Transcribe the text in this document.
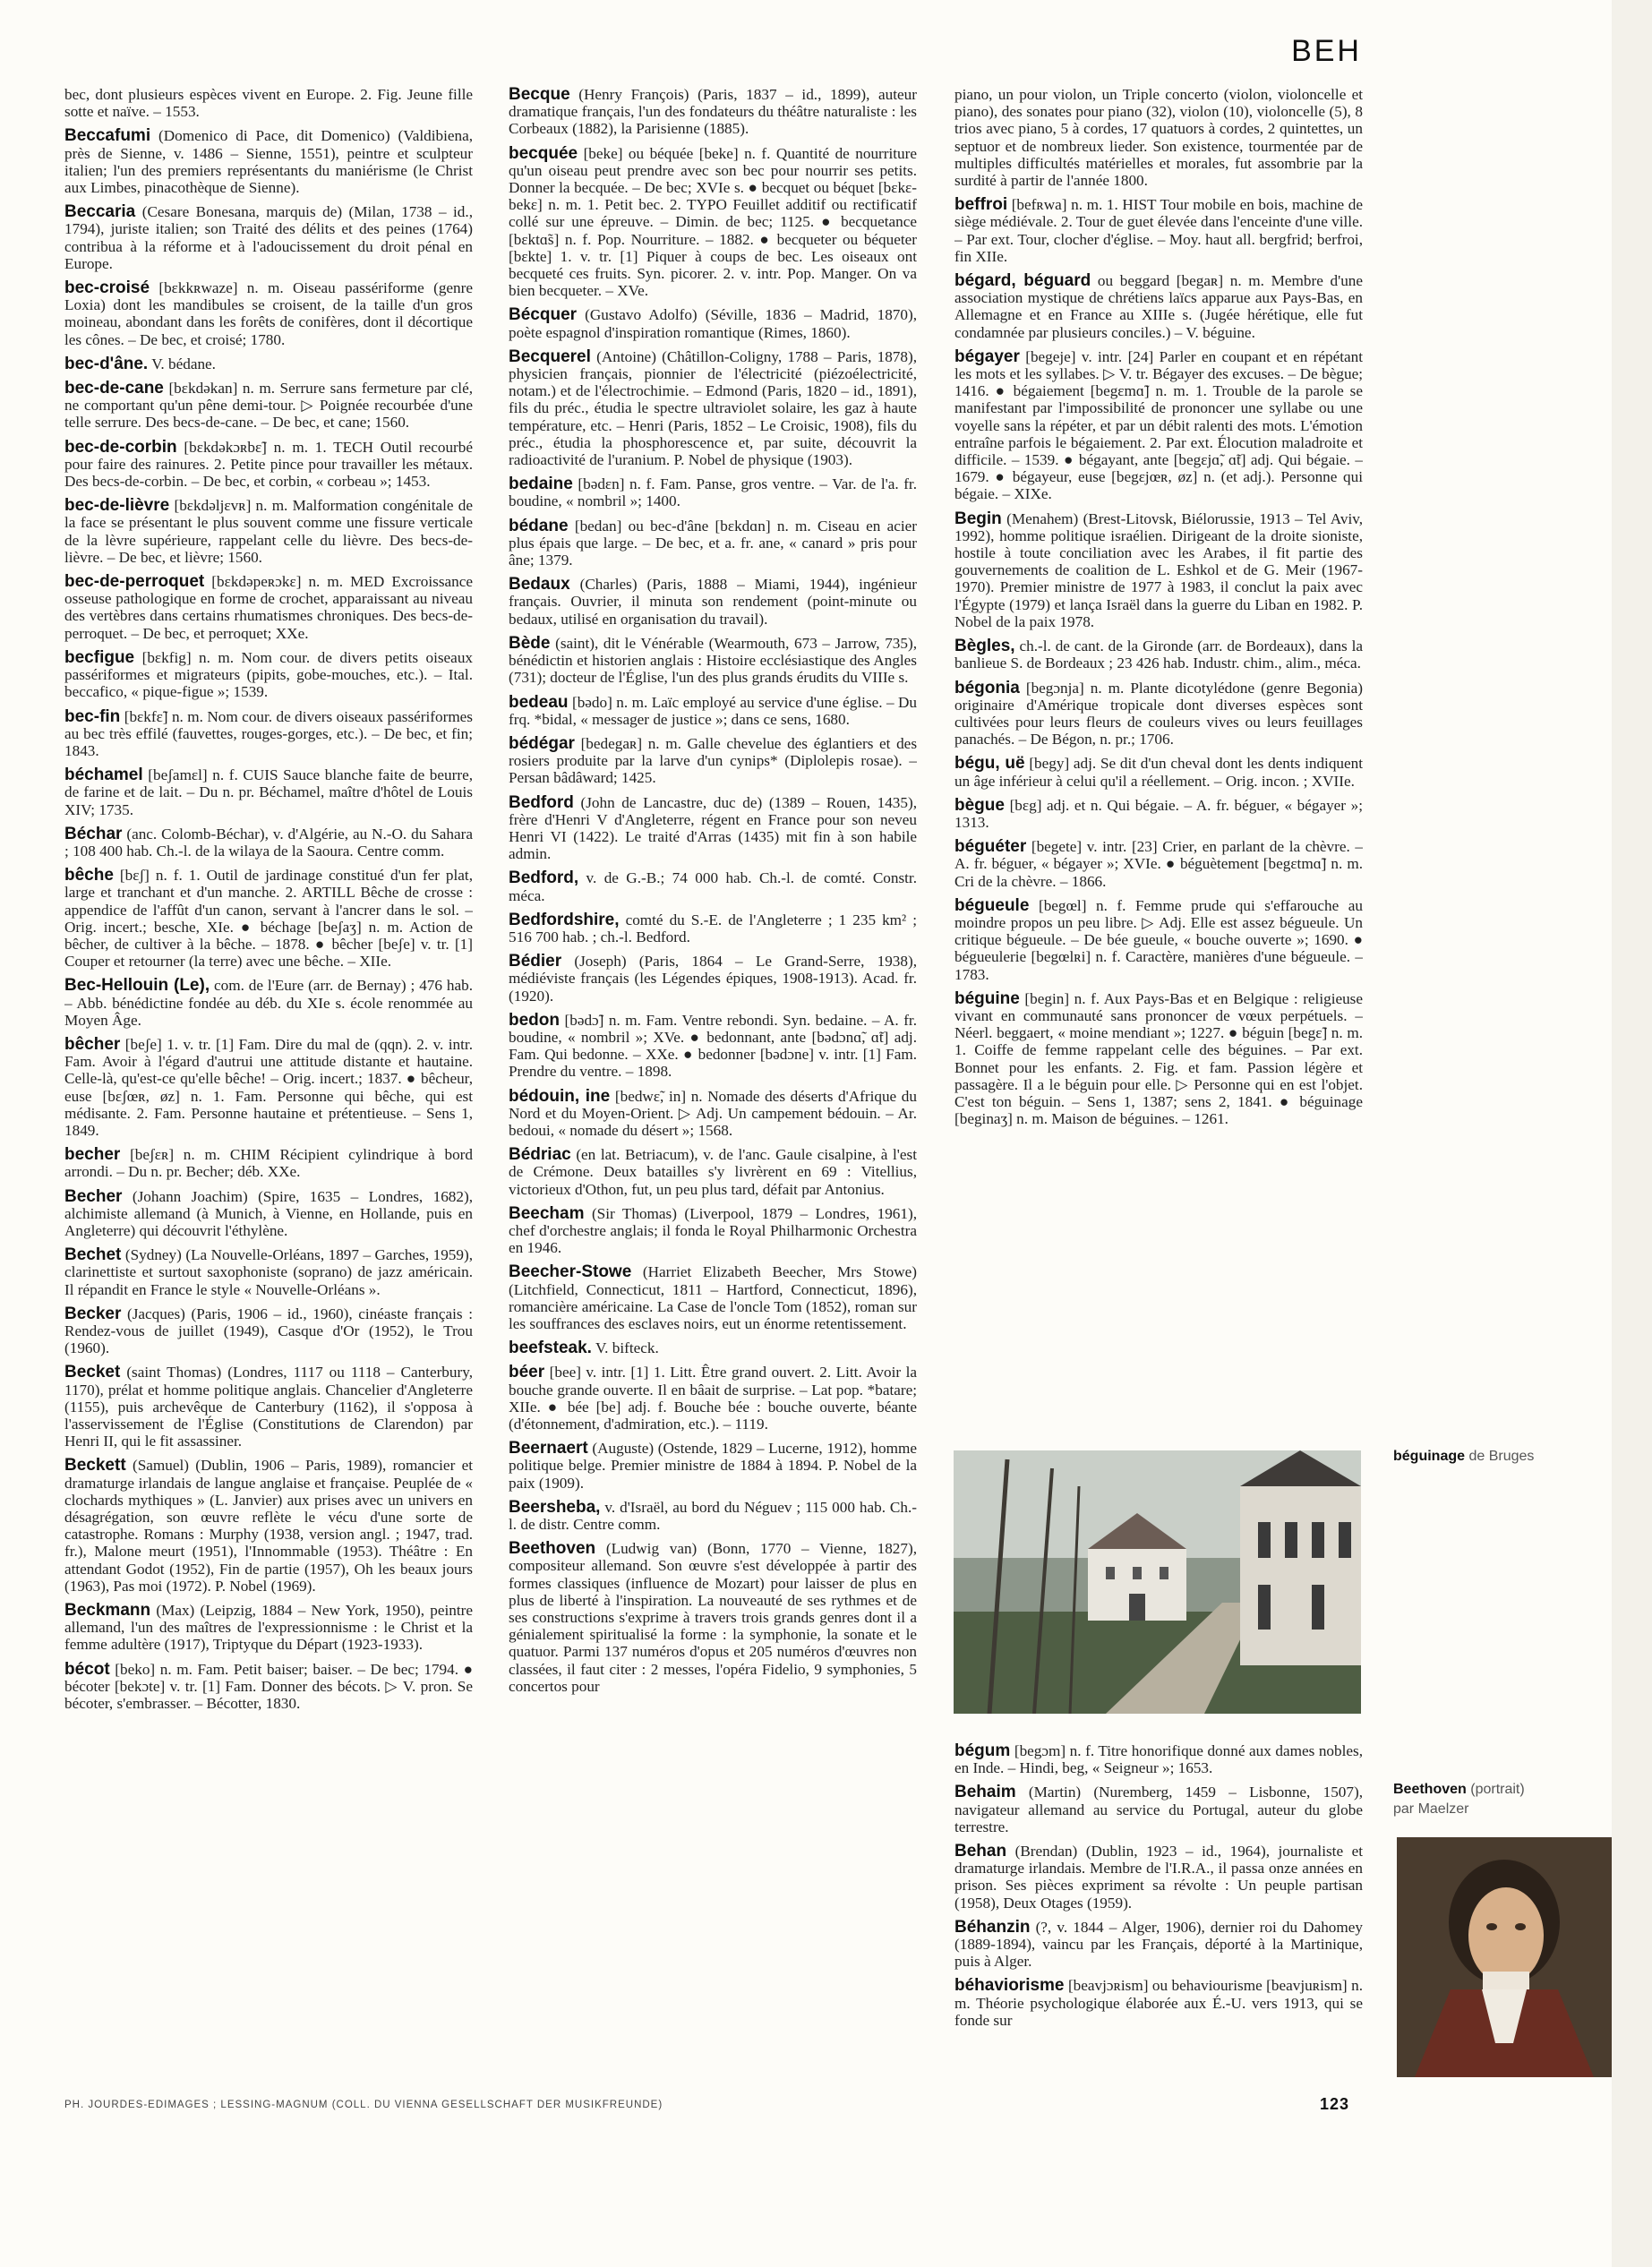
BEH

bec, dont plusieurs espèces vivent en Europe. 2. Fig. Jeune fille sotte et naïve. – 1553.

Beccafumi (Domenico di Pace, dit Domenico) (Valdibiena, près de Sienne, v. 1486 – Sienne, 1551), peintre et sculpteur italien; l'un des premiers représentants du maniérisme (le Christ aux Limbes, pinacothèque de Sienne).

Beccaria (Cesare Bonesana, marquis de) (Milan, 1738 – id., 1794), juriste italien; son Traité des délits et des peines (1764) contribua à la réforme et à l'adoucissement du droit pénal en Europe.

bec-croisé [bɛkkʀwaze] n. m. Oiseau passériforme (genre Loxia) dont les mandibules se croisent, de la taille d'un gros moineau, abondant dans les forêts de conifères, dont il décortique les cônes. – De bec, et croisé; 1780.

bec-d'âne. V. bédane.

bec-de-cane [bɛkdəkan] n. m. Serrure sans fermeture par clé, ne comportant qu'un pêne demi-tour. ▷ Poignée recourbée d'une telle serrure. Des becs-de-cane. – De bec, et cane; 1560.

bec-de-corbin [bɛkdəkɔʀbɛ̃] n. m. 1. TECH Outil recourbé pour faire des rainures. 2. Petite pince pour travailler les métaux. Des becs-de-corbin. – De bec, et corbin, « corbeau »; 1453.

bec-de-lièvre [bɛkdəljɛvʀ] n. m. Malformation congénitale de la face se présentant le plus souvent comme une fissure verticale de la lèvre supérieure, rappelant celle du lièvre. Des becs-de-lièvre. – De bec, et lièvre; 1560.

bec-de-perroquet [bɛkdəpeʀɔkɛ] n. m. MED Excroissance osseuse pathologique en forme de crochet, apparaissant au niveau des vertèbres dans certains rhumatismes chroniques. Des becs-de-perroquet. – De bec, et perroquet; XXe.

becfigue [bɛkfig] n. m. Nom cour. de divers petits oiseaux passériformes et migrateurs (pipits, gobe-mouches, etc.). – Ital. beccafico, « pique-figue »; 1539.

bec-fin [bɛkfɛ̃] n. m. Nom cour. de divers oiseaux passériformes au bec très effilé (fauvettes, rouges-gorges, etc.). – De bec, et fin; 1843.

béchamel [beʃamɛl] n. f. CUIS Sauce blanche faite de beurre, de farine et de lait. – Du n. pr. Béchamel, maître d'hôtel de Louis XIV; 1735.

Béchar (anc. Colomb-Béchar), v. d'Algérie, au N.-O. du Sahara ; 108 400 hab. Ch.-l. de la wilaya de la Saoura. Centre comm.

bêche [bɛʃ] n. f. 1. Outil de jardinage constitué d'un fer plat, large et tranchant et d'un manche. 2. ARTILL Bêche de crosse : appendice de l'affût d'un canon, servant à l'ancrer dans le sol. – Orig. incert.; besche, XIe. ● béchage [beʃaʒ] n. m. Action de bêcher, de cultiver à la bêche. – 1878. ● bêcher [beʃe] v. tr. [1] Couper et retourner (la terre) avec une bêche. – XIIe.

Bec-Hellouin (Le), com. de l'Eure (arr. de Bernay) ; 476 hab. – Abb. bénédictine fondée au déb. du XIe s. école renommée au Moyen Âge.

bêcher [beʃe] 1. v. tr. [1] Fam. Dire du mal de (qqn). 2. v. intr. Fam. Avoir à l'égard d'autrui une attitude distante et hautaine. Celle-là, qu'est-ce qu'elle bêche! – Orig. incert.; 1837. ● bêcheur, euse [bɛʃœʀ, øz] n. 1. Fam. Personne qui bêche, qui est médisante. 2. Fam. Personne hautaine et prétentieuse. – Sens 1, 1849.

becher [beʃɛʀ] n. m. CHIM Récipient cylindrique à bord arrondi. – Du n. pr. Becher; déb. XXe.

Becher (Johann Joachim) (Spire, 1635 – Londres, 1682), alchimiste allemand (à Munich, à Vienne, en Hollande, puis en Angleterre) qui découvrit l'éthylène.

Bechet (Sydney) (La Nouvelle-Orléans, 1897 – Garches, 1959), clarinettiste et surtout saxophoniste (soprano) de jazz américain. Il répandit en France le style « Nouvelle-Orléans ».

Becker (Jacques) (Paris, 1906 – id., 1960), cinéaste français : Rendez-vous de juillet (1949), Casque d'Or (1952), le Trou (1960).

Becket (saint Thomas) (Londres, 1117 ou 1118 – Canterbury, 1170), prélat et homme politique anglais. Chancelier d'Angleterre (1155), puis archevêque de Canterbury (1162), il s'opposa à l'asservissement de l'Église (Constitutions de Clarendon) par Henri II, qui le fit assassiner.

Beckett (Samuel) (Dublin, 1906 – Paris, 1989), romancier et dramaturge irlandais de langue anglaise et française. Peuplée de « clochards mythiques » (L. Janvier) aux prises avec un univers en désagrégation, son œuvre reflète le vécu d'une sorte de catastrophe. Romans : Murphy (1938, version angl. ; 1947, trad. fr.), Malone meurt (1951), l'Innommable (1953). Théâtre : En attendant Godot (1952), Fin de partie (1957), Oh les beaux jours (1963), Pas moi (1972). P. Nobel (1969).

Beckmann (Max) (Leipzig, 1884 – New York, 1950), peintre allemand, l'un des maîtres de l'expressionnisme : le Christ et la femme adultère (1917), Triptyque du Départ (1923-1933).

bécot [beko] n. m. Fam. Petit baiser; baiser. – De bec; 1794. ● bécoter [bekɔte] v. tr. [1] Fam. Donner des bécots. ▷ V. pron. Se bécoter, s'embrasser. – Bécotter, 1830.

Becque (Henry François) (Paris, 1837 – id., 1899), auteur dramatique français, l'un des fondateurs du théâtre naturaliste : les Corbeaux (1882), la Parisienne (1885).

becquée [beke] ou béquée [beke] n. f. Quantité de nourriture qu'un oiseau peut prendre avec son bec pour nourrir ses petits. Donner la becquée. – De bec; XVIe s. ● becquet ou béquet [bɛkɛ-bekɛ] n. m. 1. Petit bec. 2. TYPO Feuillet additif ou rectificatif collé sur une épreuve. – Dimin. de bec; 1125. ● becquetance [bɛktɑ̃s] n. f. Pop. Nourriture. – 1882. ● becqueter ou béqueter [bɛkte] 1. v. tr. [1] Piquer à coups de bec. Les oiseaux ont becqueté ces fruits. Syn. picorer. 2. v. intr. Pop. Manger. On va bien becqueter. – XVe.

Bécquer (Gustavo Adolfo) (Séville, 1836 – Madrid, 1870), poète espagnol d'inspiration romantique (Rimes, 1860).

Becquerel (Antoine) (Châtillon-Coligny, 1788 – Paris, 1878), physicien français, pionnier de l'électricité (piézoélectricité, notam.) et de l'électrochimie. – Edmond (Paris, 1820 – id., 1891), fils du préc., étudia le spectre ultraviolet solaire, les gaz à haute température, etc. – Henri (Paris, 1852 – Le Croisic, 1908), fils du préc., étudia la phosphorescence et, par suite, découvrit la radioactivité de l'uranium. P. Nobel de physique (1903).

bedaine [bədɛn] n. f. Fam. Panse, gros ventre. – Var. de l'a. fr. boudine, « nombril »; 1400.

bédane [bedan] ou bec-d'âne [bɛkdɑn] n. m. Ciseau en acier plus épais que large. – De bec, et a. fr. ane, « canard » pris pour âne; 1379.

Bedaux (Charles) (Paris, 1888 – Miami, 1944), ingénieur français. Ouvrier, il minuta son rendement (point-minute ou bedaux, utilisé en organisation du travail).

Bède (saint), dit le Vénérable (Wearmouth, 673 – Jarrow, 735), bénédictin et historien anglais : Histoire ecclésiastique des Angles (731); docteur de l'Église, l'un des plus grands érudits du VIIIe s.

bedeau [bədo] n. m. Laïc employé au service d'une église. – Du frq. *bidal, « messager de justice »; dans ce sens, 1680.

bédégar [bedegaʀ] n. m. Galle chevelue des églantiers et des rosiers produite par la larve d'un cynips* (Diplolepis rosae). – Persan bâdâward; 1425.

Bedford (John de Lancastre, duc de) (1389 – Rouen, 1435), frère d'Henri V d'Angleterre, régent en France pour son neveu Henri VI (1422). Le traité d'Arras (1435) mit fin à son habile admin.

Bedford, v. de G.-B.; 74 000 hab. Ch.-l. de comté. Constr. méca.

Bedfordshire, comté du S.-E. de l'Angleterre ; 1 235 km² ; 516 700 hab. ; ch.-l. Bedford.

Bédier (Joseph) (Paris, 1864 – Le Grand-Serre, 1938), médiéviste français (les Légendes épiques, 1908-1913). Acad. fr. (1920).

bedon [bədɔ̃] n. m. Fam. Ventre rebondi. Syn. bedaine. – A. fr. boudine, « nombril »; XVe. ● bedonnant, ante [bədɔnɑ̃, ɑ̃t] adj. Fam. Qui bedonne. – XXe. ● bedonner [bədɔne] v. intr. [1] Fam. Prendre du ventre. – 1898.

bédouin, ine [bedwɛ̃, in] n. Nomade des déserts d'Afrique du Nord et du Moyen-Orient. ▷ Adj. Un campement bédouin. – Ar. bedoui, « nomade du désert »; 1568.

Bédriac (en lat. Betriacum), v. de l'anc. Gaule cisalpine, à l'est de Crémone. Deux batailles s'y livrèrent en 69 : Vitellius, victorieux d'Othon, fut, un peu plus tard, défait par Antonius.

Beecham (Sir Thomas) (Liverpool, 1879 – Londres, 1961), chef d'orchestre anglais; il fonda le Royal Philharmonic Orchestra en 1946.

Beecher-Stowe (Harriet Elizabeth Beecher, Mrs Stowe) (Litchfield, Connecticut, 1811 – Hartford, Connecticut, 1896), romancière américaine. La Case de l'oncle Tom (1852), roman sur les souffrances des esclaves noirs, eut un énorme retentissement.

beefsteak. V. bifteck.

béer [bee] v. intr. [1] 1. Litt. Être grand ouvert. 2. Litt. Avoir la bouche grande ouverte. Il en bâait de surprise. – Lat pop. *batare; XIIe. ● bée [be] adj. f. Bouche bée : bouche ouverte, béante (d'étonnement, d'admiration, etc.). – 1119.

Beernaert (Auguste) (Ostende, 1829 – Lucerne, 1912), homme politique belge. Premier ministre de 1884 à 1894. P. Nobel de la paix (1909).

Beersheba, v. d'Israël, au bord du Néguev ; 115 000 hab. Ch.-l. de distr. Centre comm.

Beethoven (Ludwig van) (Bonn, 1770 – Vienne, 1827), compositeur allemand. Son œuvre s'est développée à partir des formes classiques (influence de Mozart) pour laisser de plus en plus de liberté à l'inspiration. La nouveauté de ses rythmes et de ses constructions s'exprime à travers trois grands genres dont il a génialement spiritualisé la forme : la symphonie, la sonate et le quatuor. Parmi 137 numéros d'opus et 205 numéros d'œuvres non classées, il faut citer : 2 messes, l'opéra Fidelio, 9 symphonies, 5 concertos pour

piano, un pour violon, un Triple concerto (violon, violoncelle et piano), des sonates pour piano (32), violon (10), violoncelle (5), 8 trios avec piano, 5 à cordes, 17 quatuors à cordes, 2 quintettes, un septuor et de nombreux lieder. Son existence, tourmentée par de multiples difficultés matérielles et morales, fut assombrie par la surdité à partir de l'année 1800.

beffroi [befʀwa] n. m. 1. HIST Tour mobile en bois, machine de siège médiévale. 2. Tour de guet élevée dans l'enceinte d'une ville. – Par ext. Tour, clocher d'église. – Moy. haut all. bergfrid; berfroi, fin XIIe.

bégard, béguard ou beggard [begaʀ] n. m. Membre d'une association mystique de chrétiens laïcs apparue aux Pays-Bas, en Allemagne et en France au XIIIe s. (Jugée hérétique, elle fut condamnée par plusieurs conciles.) – V. béguine.

bégayer [begeje] v. intr. [24] Parler en coupant et en répétant les mots et les syllabes. ▷ V. tr. Bégayer des excuses. – De bègue; 1416. ● bégaiement [begɛmɑ̃] n. m. 1. Trouble de la parole se manifestant par l'impossibilité de prononcer une syllabe ou une voyelle sans la répéter, et par un débit ralenti des mots. L'émotion entraîne parfois le bégaiement. 2. Par ext. Élocution maladroite et difficile. – 1539. ● bégayant, ante [begɛjɑ̃, ɑ̃t] adj. Qui bégaie. – 1679. ● bégayeur, euse [begɛjœʀ, øz] n. (et adj.). Personne qui bégaie. – XIXe.

Begin (Menahem) (Brest-Litovsk, Biélorussie, 1913 – Tel Aviv, 1992), homme politique israélien. Dirigeant de la droite sioniste, hostile à toute conciliation avec les Arabes, il fit partie des gouvernements de coalition de L. Eshkol et de G. Meir (1967-1970). Premier ministre de 1977 à 1983, il conclut la paix avec l'Égypte (1979) et lança Israël dans la guerre du Liban en 1982. P. Nobel de la paix 1978.

Bègles, ch.-l. de cant. de la Gironde (arr. de Bordeaux), dans la banlieue S. de Bordeaux ; 23 426 hab. Industr. chim., alim., méca.

bégonia [begɔnja] n. m. Plante dicotylédone (genre Begonia) originaire d'Amérique tropicale dont diverses espèces sont cultivées pour leurs fleurs de couleurs vives ou leurs feuillages panachés. – De Bégon, n. pr.; 1706.

bégu, uë [begy] adj. Se dit d'un cheval dont les dents indiquent un âge inférieur à celui qu'il a réellement. – Orig. incon. ; XVIIe.

bègue [bɛg] adj. et n. Qui bégaie. – A. fr. béguer, « bégayer »; 1313.

béguéter [begete] v. intr. [23] Crier, en parlant de la chèvre. – A. fr. béguer, « bégayer »; XVIe. ● béguètement [begɛtmɑ̃] n. m. Cri de la chèvre. – 1866.

bégueule [begœl] n. f. Femme prude qui s'effarouche au moindre propos un peu libre. ▷ Adj. Elle est assez bégueule. Un critique bégueule. – De bée gueule, « bouche ouverte »; 1690. ● bégueulerie [begœlʀi] n. f. Caractère, manières d'une bégueule. – 1783.

béguine [begin] n. f. Aux Pays-Bas et en Belgique : religieuse vivant en communauté sans prononcer de vœux perpétuels. – Néerl. beggaert, « moine mendiant »; 1227. ● béguin [begɛ̃] n. m. 1. Coiffe de femme rappelant celle des béguines. – Par ext. Bonnet pour les enfants. 2. Fig. et fam. Passion légère et passagère. Il a le béguin pour elle. ▷ Personne qui en est l'objet. C'est ton béguin. – Sens 1, 1387; sens 2, 1841. ● béguinage [beginaʒ] n. m. Maison de béguines. – 1261.

bégum [begɔm] n. f. Titre honorifique donné aux dames nobles, en Inde. – Hindi, beg, « Seigneur »; 1653.

Behaim (Martin) (Nuremberg, 1459 – Lisbonne, 1507), navigateur allemand au service du Portugal, auteur du globe terrestre.

Behan (Brendan) (Dublin, 1923 – id., 1964), journaliste et dramaturge irlandais. Membre de l'I.R.A., il passa onze années en prison. Ses pièces expriment sa révolte : Un peuple partisan (1958), Deux Otages (1959).

Béhanzin (?, v. 1844 – Alger, 1906), dernier roi du Dahomey (1889-1894), vaincu par les Français, déporté à la Martinique, puis à Alger.

béhaviorisme [beavjɔʀism] ou behaviourisme [beavjuʀism] n. m. Théorie psychologique élaborée aux É.-U. vers 1913, qui se fonde sur

béguinage de Bruges
Beethoven (portrait)
par Maelzer
PH. JOURDES-EDIMAGES ; LESSING-MAGNUM (COLL. DU VIENNA GESELLSCHAFT DER MUSIKFREUNDE)	123
